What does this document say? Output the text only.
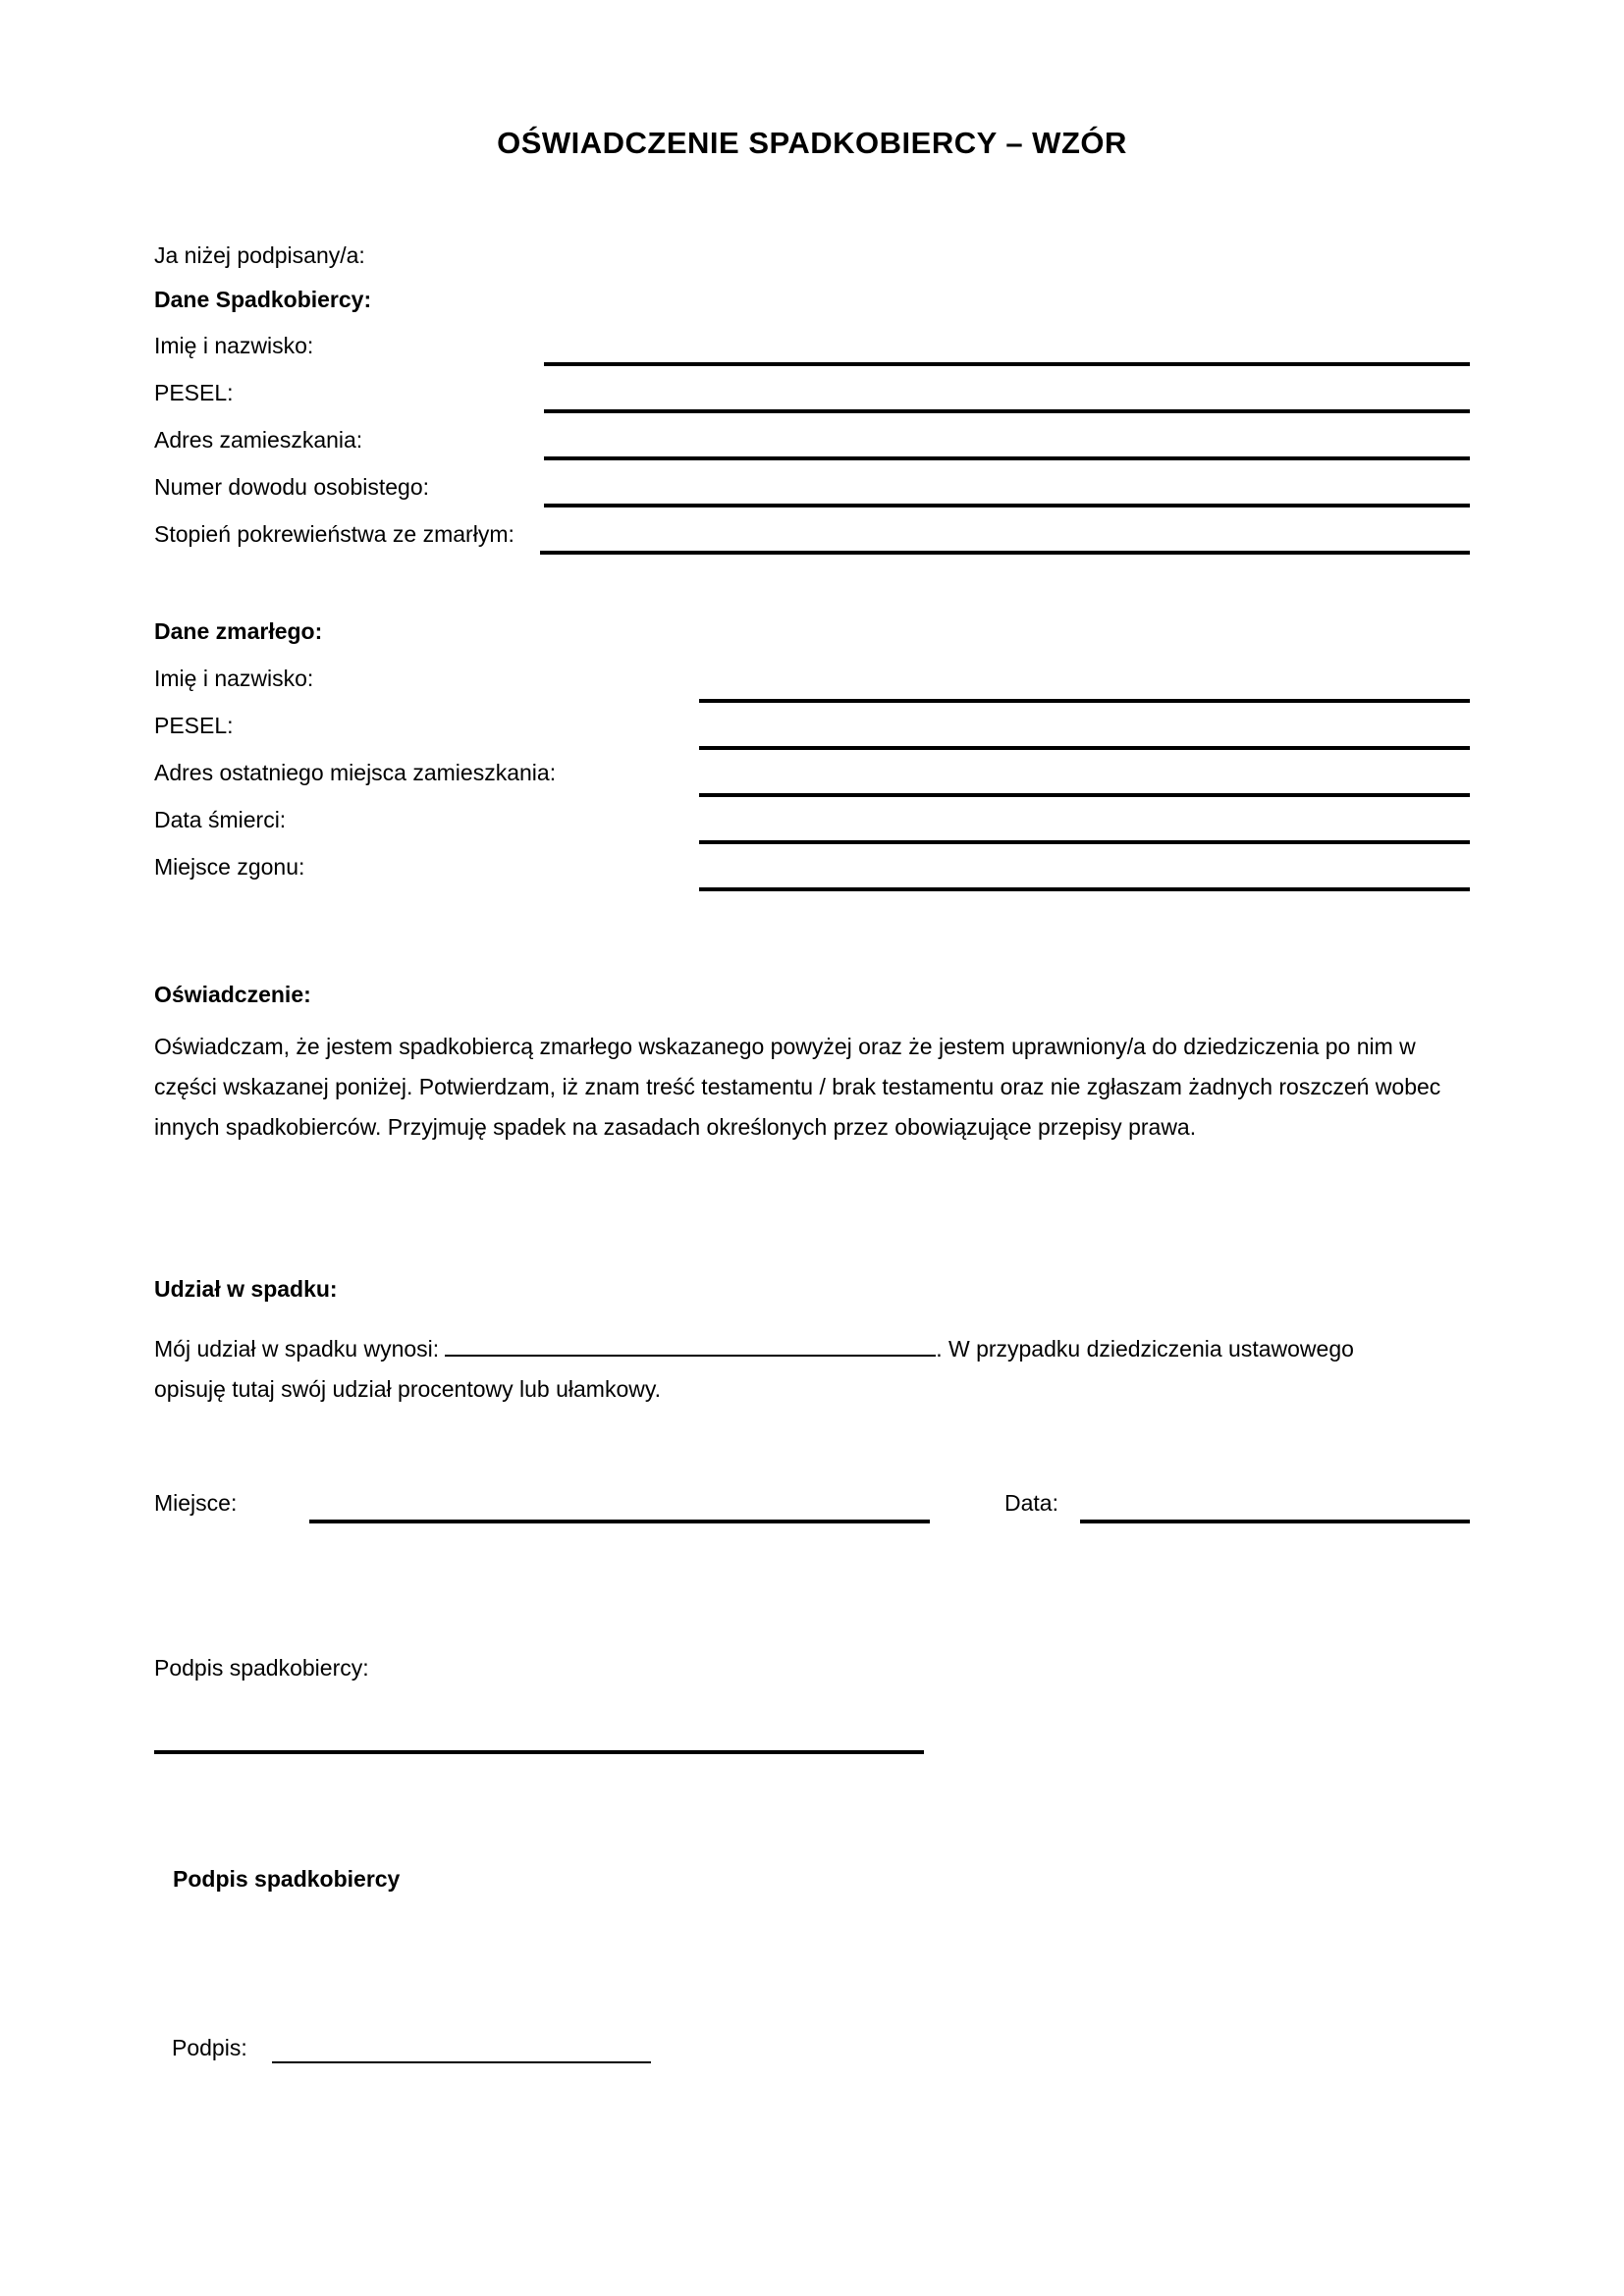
OŚWIADCZENIE SPADKOBIERCY – WZÓR
Ja niżej podpisany/a:
Dane Spadkobiercy:
Imię i nazwisko:
PESEL:
Adres zamieszkania:
Numer dowodu osobistego:
Stopień pokrewieństwa ze zmarłym:
Dane zmarłego:
Imię i nazwisko:
PESEL:
Adres ostatniego miejsca zamieszkania:
Data śmierci:
Miejsce zgonu:
Oświadczenie:
Oświadczam, że jestem spadkobiercą zmarłego wskazanego powyżej oraz że jestem uprawniony/a do dziedziczenia po nim w części wskazanej poniżej. Potwierdzam, iż znam treść testamentu / brak testamentu oraz nie zgłaszam żadnych roszczeń wobec innych spadkobierców. Przyjmuję spadek na zasadach określonych przez obowiązujące przepisy prawa.
Udział w spadku:
Mój udział w spadku wynosi:	. W przypadku dziedziczenia ustawowego opisuję tutaj swój udział procentowy lub ułamkowy.
Miejsce:	Data:
Podpis spadkobiercy:
Podpis spadkobiercy
Podpis:
